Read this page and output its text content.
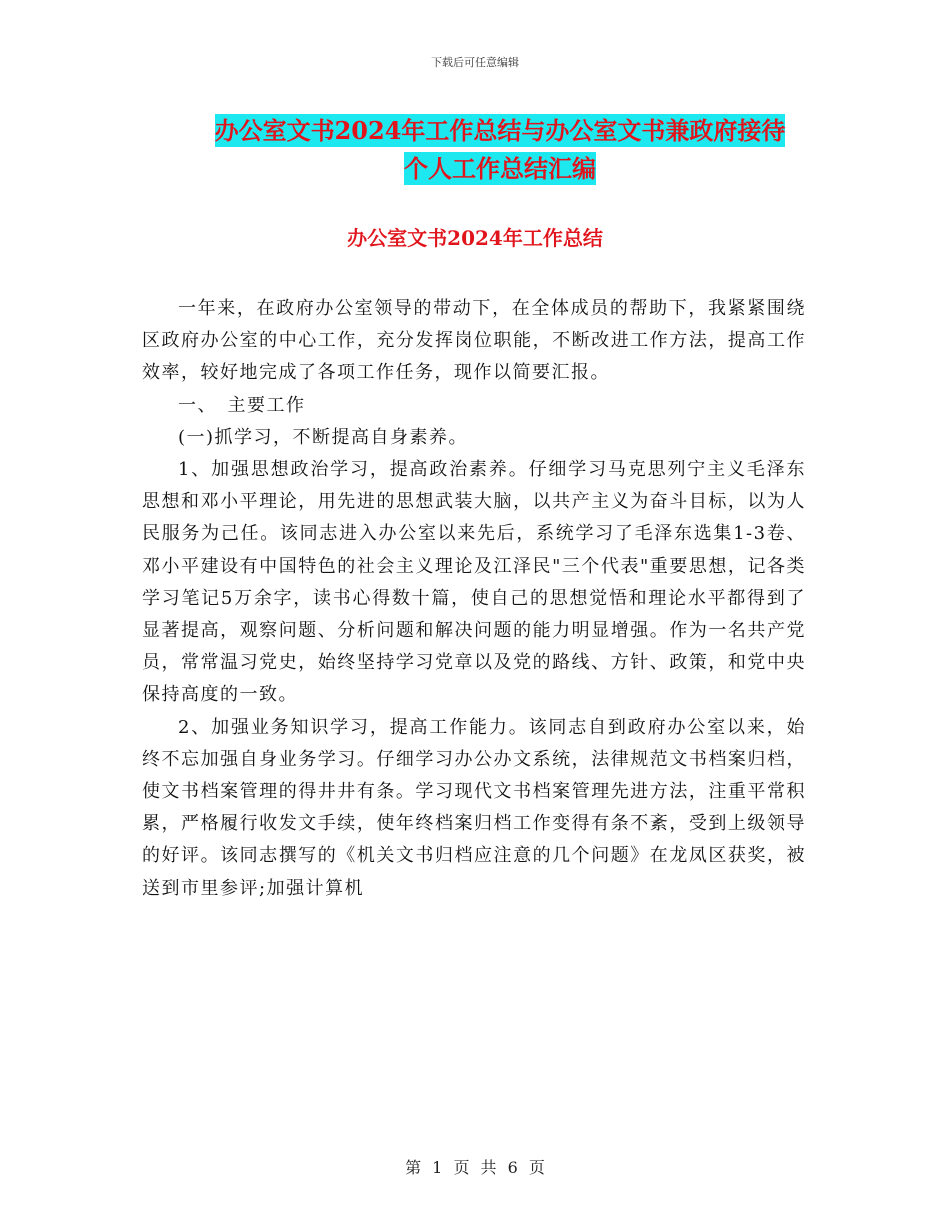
下载后可任意编辑
办公室文书2024年工作总结与办公室文书兼政府接待
个人工作总结汇编
办公室文书2024年工作总结

一年来，在政府办公室领导的带动下，在全体成员的帮助下，我紧紧围绕区政府办公室的中心工作，充分发挥岗位职能，不断改进工作方法，提高工作效率，较好地完成了各项工作任务，现作以简要汇报。

一、　主要工作

(一)抓学习，不断提高自身素养。

1、加强思想政治学习，提高政治素养。仔细学习马克思列宁主义毛泽东思想和邓小平理论，用先进的思想武装大脑，以共产主义为奋斗目标，以为人民服务为己任。该同志进入办公室以来先后，系统学习了毛泽东选集1-3卷、邓小平建设有中国特色的社会主义理论及江泽民"三个代表"重要思想，记各类学习笔记5万余字，读书心得数十篇，使自己的思想觉悟和理论水平都得到了显著提高，观察问题、分析问题和解决问题的能力明显增强。作为一名共产党员，常常温习党史，始终坚持学习党章以及党的路线、方针、政策，和党中央保持高度的一致。

2、加强业务知识学习，提高工作能力。该同志自到政府办公室以来，始终不忘加强自身业务学习。仔细学习办公办文系统，法律规范文书档案归档，使文书档案管理的得井井有条。学习现代文书档案管理先进方法，注重平常积累，严格履行收发文手续，使年终档案归档工作变得有条不紊，受到上级领导的好评。该同志撰写的《机关文书归档应注意的几个问题》在龙凤区获奖，被送到市里参评;加强计算机

第 1 页 共 6 页
